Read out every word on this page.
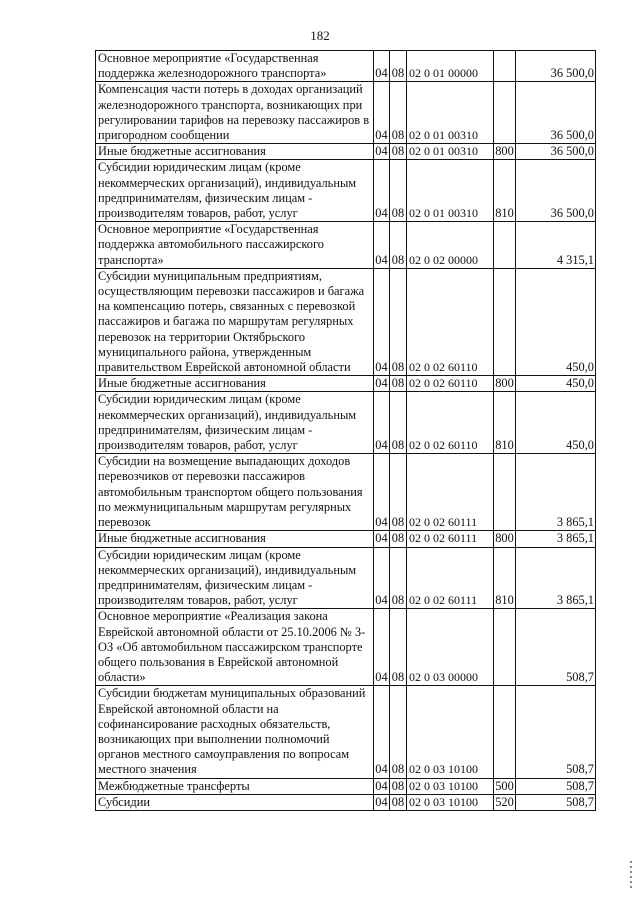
182
Основное мероприятие «Государственная поддержка железнодорожного транспорта»	04	08	02 0 01 00000		36 500,0
Компенсация части потерь в доходах организаций железнодорожного транспорта, возникающих при регулировании тарифов на перевозку пассажиров в пригородном сообщении	04	08	02 0 01 00310		36 500,0
Иные бюджетные ассигнования	04	08	02 0 01 00310	800	36 500,0
Субсидии юридическим лицам (кроме некоммерческих организаций), индивидуальным предпринимателям, физическим лицам - производителям товаров, работ, услуг	04	08	02 0 01 00310	810	36 500,0
Основное мероприятие «Государственная поддержка автомобильного пассажирского транспорта»	04	08	02 0 02 00000		4 315,1
Субсидии муниципальным предприятиям, осуществляющим перевозки пассажиров и багажа на компенсацию потерь, связанных с перевозкой пассажиров и багажа по маршрутам регулярных перевозок на территории Октябрьского муниципального района, утвержденным правительством Еврейской автономной области	04	08	02 0 02 60110		450,0
Иные бюджетные ассигнования	04	08	02 0 02 60110	800	450,0
Субсидии юридическим лицам (кроме некоммерческих организаций), индивидуальным предпринимателям, физическим лицам - производителям товаров, работ, услуг	04	08	02 0 02 60110	810	450,0
Субсидии на возмещение выпадающих доходов перевозчиков от перевозки пассажиров автомобильным транспортом общего пользования по межмуниципальным маршрутам регулярных перевозок	04	08	02 0 02 60111		3 865,1
Иные бюджетные ассигнования	04	08	02 0 02 60111	800	3 865,1
Субсидии юридическим лицам (кроме некоммерческих организаций), индивидуальным предпринимателям, физическим лицам - производителям товаров, работ, услуг	04	08	02 0 02 60111	810	3 865,1
Основное мероприятие «Реализация закона Еврейской автономной области от 25.10.2006 № 3-ОЗ «Об автомобильном пассажирском транспорте общего пользования в Еврейской автономной области»	04	08	02 0 03 00000		508,7
Субсидии бюджетам муниципальных образований Еврейской автономной области на софинансирование расходных обязательств, возникающих при выполнении полномочий органов местного самоуправления по вопросам местного значения	04	08	02 0 03 10100		508,7
Межбюджетные трансферты	04	08	02 0 03 10100	500	508,7
Субсидии	04	08	02 0 03 10100	520	508,7
